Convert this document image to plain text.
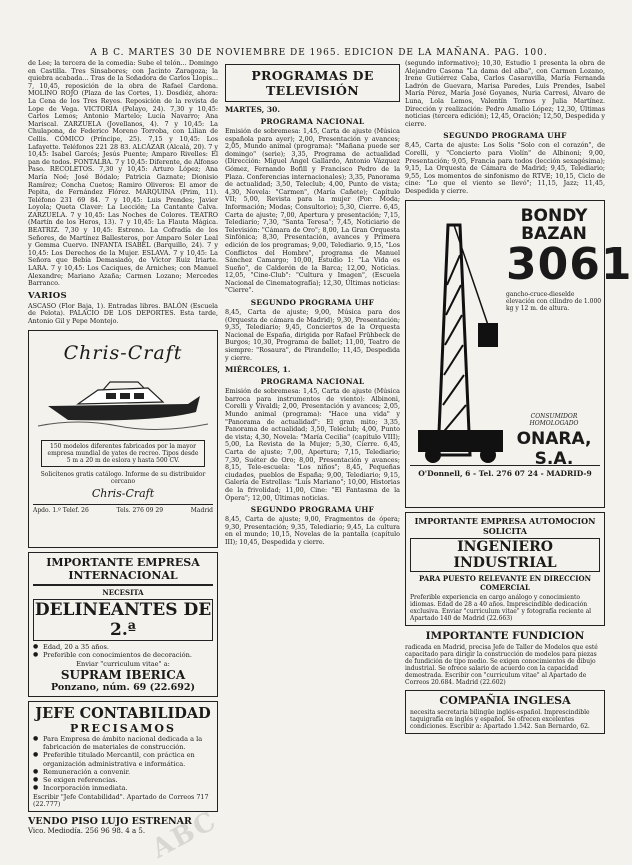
A B C. MARTES 30 DE NOVIEMBRE DE 1965. EDICION DE LA MAÑANA. PAG. 100.

de Lee; la tercera de la comedia: Sube el telón... Domingo en Castilla. Tres Sinsabores; con Jacinto Zaragoza; la quiebra acabada... Tras de la Soñadora de Carlos Llopis... 7, 10,45, reposición de la obra de Rafael Cardona. MOLINO ROJO (Plaza de las Cortes, 1). Dosdiéz, ahora: La Cena de los Tres Reyes. Reposición de la revista de Lope de Vega. VICTORIA (Pelayo, 24). 7,30 y 10,45: Carlos Lemos; Antonio Martelo; Lucía Navarro; Ana Mariscal. ZARZUELA (Jovellanos, 4). 7 y 10,45: La Chulapona, de Federico Moreno Torroba, con Lilian de Cellis. CÓMICO (Príncipe, 25). 7,15 y 10,45: Los Lafayette. Teléfonos 221 28 83. ALCÁZAR (Alcalá, 20). 7 y 10,45: Isabel Garcés; Jesús Puente; Amparo Rivelles: El pan de todos. FONTALBA. 7 y 10,45: Diferente, de Alfonso Paso. RECOLETOS. 7,30 y 10,45: Arturo López; Ana María Noé; José Bódalo; Patricia Gaznate; Dionisio Ramírez; Concha Cuetos; Ramiro Oliveros: El amor de Pepita, de Fernández Flórez. MARQUINA (Prim, 11). Teléfono 231 69 84. 7 y 10,45: Luis Prendes; Javier Loyola; Queta Claver: La Lección; La Cantante Calva. ZARZUELA. 7 y 10,45: Las Noches de Colores. TEATRO (Martín de los Heros, 13). 7 y 10,45: La Flauta Mágica. BEATRIZ. 7,30 y 10,45: Estreno. La Cofradía de los Señores, de Martínez Ballesteros, por Amparo Soler Leal y Gemma Cuervo. INFANTA ISABEL (Barquillo, 24). 7 y 10,45: Los Derechos de la Mujer. ESLAVA. 7 y 10,45: La Señora que Bebía Demasiado, de Víctor Ruiz Iriarte. LARA. 7 y 10,45: Los Caciques, de Arniches; con Manuel Alexandre; Mariano Azaña; Carmen Lozano; Mercedes Barranco.

VARIOS

ASCASO (Flor Baja, 1). Entradas libres. BALÓN (Escuela de Pelota). PALACIO DE LOS DEPORTES. Esta tarde, Antonio Gil y Pepe Montejo.

Chris-Craft
150 modelos diferentes fabricados por la mayor empresa mundial de yates de recreo. Tipos desde 5 m a 20 m de eslora y hasta 500 CV.
Solicítenos gratis catálogo. Informe de su distribuidor cercano
Chris-Craft
Apdo. 1.º Telef. 26	Tels. 276 09 29	Madrid
IMPORTANTE EMPRESA INTERNACIONAL
NECESITA
DELINEANTES DE 2.ª
● Edad, 20 a 35 años.
● Preferible con conocimientos de decoración.
Enviar "curriculum vitae" a:
SUPRAM IBERICA
Ponzano, núm. 69 (22.692)
JEFE CONTABILIDAD
PRECISAMOS
● Para Empresa de ámbito nacional dedicada a la fabricación de materiales de construcción.
● Preferible titulado Mercantil, con práctica en organización administrativa e informática.
● Remuneración a convenir.
● Se exigen referencias.
● Incorporación inmediata.
Escribir "Jefe Contabilidad". Apartado de Correos 717 (22.777)
VENDO PISO LUJO ESTRENAR
Vico. Mediodía. 256 96 98. 4 a 5.
PROGRAMAS DE TELEVISIÓN
MARTES, 30.
PROGRAMA NACIONAL

Emisión de sobremesa: 1,45, Carta de ajuste (Música española para ayer); 2,00, Presentación y avances; 2,05, Mundo animal (programa): "Mañana puede ser domingo" (serie); 3,35, Programa de actualidad (Dirección: Miguel Ángel Gallardo, Antonio Vázquez Gómez, Fernando Bofill y Francisco Pedro de la Plaza. Conferencias internacionales); 3,35, Panorama de actualidad; 3,50, Teleclub; 4,00, Punto de vista; 4,30, Novela: "Carmen", (María Cañete); Capítulo VII; 5,00, Revista para la mujer (Por: Moda; Información; Modas; Consultorio); 5,30, Cierre. 6,45, Carta de ajuste; 7,00, Apertura y presentación; 7,15, Telediario; 7,30, "Santa Teresa"; 7,45, Noticiario de Televisión: "Cámara de Oro"; 8,00, La Gran Orquesta Sinfónica; 8,30, Presentación, avances y Primera edición de los programas; 9,00, Telediario. 9,15, "Los Conflictos del Hombre", programa de Manuel Sánchez Camargo; 10,00, Estudio 1: "La Vida es Sueño", de Calderón de la Barca; 12,00, Noticias. 12,05, "Cine-Club": "Cultura y Imagen", (Escuela Nacional de Cinematografía); 12,30, Últimas noticias: "Cierre".

SEGUNDO PROGRAMA UHF

8,45, Carta de ajuste; 9,00, Música para dos (Orquesta de cámara de Madrid); 9,30, Presentación; 9,35, Telediario; 9,45, Conciertos de la Orquesta Nacional de España, dirigida por Rafael Frühbeck de Burgos; 10,30, Programa de ballet; 11,00, Teatro de siempre: "Rosaura", de Pirandello; 11,45, Despedida y cierre.

MIÉRCOLES, 1.
PROGRAMA NACIONAL

Emisión de sobremesa: 1,45, Carta de ajuste (Música barroca para instrumentos de viento): Albinoni, Corelli y Vivaldi; 2,00, Presentación y avances; 2,05, Mundo animal (programa): "Hace una vida" y "Panorama de actualidad": El gran mito; 3,35, Panorama de actualidad; 3,50, Teleclub; 4,00, Punto de vista; 4,30, Novela: "María Cecilia" (capítulo VIII); 5,00, La Revista de la Mujer; 5,30, Cierre. 6,45, Carta de ajuste; 7,00, Apertura; 7,15, Telediario; 7,30, Suéter de Oro; 8,00, Presentación y avances; 8,15, Tele-escuela: "Los niños"; 8,45, Pequeñas ciudades, pueblos de España; 9,00, Telediario; 9,15, Galería de Estrellas: "Luis Mariano"; 10,00, Historias de la frivolidad; 11,00, Cine: "El Fantasma de la Ópera"; 12,00, Últimas noticias.

SEGUNDO PROGRAMA UHF

8,45, Carta de ajuste; 9,00, Fragmentos de ópera; 9,30, Presentación; 9,35, Telediario; 9,45, La cultura en el mundo; 10,15, Novelas de la pantalla (capítulo III); 10,45, Despedida y cierre.

(segundo informativo); 10,30, Estudio 1 presenta la obra de Alejandro Casona "La dama del alba", con Carmen Lozano, Irene Gutiérrez Caba, Carlos Casaravilla, María Fernanda Ladrón de Guevara, Marisa Paredes, Luis Prendes, Isabel María Pérez, María José Goyanes, Nuria Carresi, Álvaro de Luna, Lola Lemos, Valentín Tornos y Julia Martínez. Dirección y realización: Pedro Amalio López; 12,30, Últimas noticias (tercera edición); 12,45, Oración; 12,50, Despedida y cierre.

SEGUNDO PROGRAMA UHF

8,45, Carta de ajuste: Los Solis "Solo con el corazón", de Corelli, y "Concierto para Violín" de Albinoni; 9,00, Presentación; 9,05, Francia para todos (lección sexagésima); 9,15, La Orquesta de Cámara de Madrid; 9,45, Telediario; 9,55, Los momentos de sinfonismo de RTVE; 10,15, Ciclo de cine: "Lo que el viento se llevó"; 11,15, Jazz; 11,45, Despedida y cierre.

BONDY BAZAN
3061
gancho-cruce-dieselde elevación con cilindro de 1.000 kg y 12 m. de altura.
CONSUMIDOR HOMOLOGADO
ONARA, S.A.
O'Donnell, 6 - Tel. 276 07 24 - MADRID-9
IMPORTANTE EMPRESA AUTOMOCION SOLICITA
INGENIERO INDUSTRIAL
PARA PUESTO RELEVANTE EN DIRECCION COMERCIAL
Preferible experiencia en cargo análogo y conocimiento idiomas. Edad de 28 a 40 años. Imprescindible dedicación exclusiva. Enviar "curriculum vitae" y fotografía reciente al Apartado 140 de Madrid (22.663)
IMPORTANTE FUNDICION
radicada en Madrid, precisa Jefe de Taller de Modelos que esté capacitado para dirigir la construcción de modelos para piezas de fundición de tipo medio. Se exigen conocimientos de dibujo industrial. Se ofrece salario de acuerdo con la capacidad demostrada. Escribir con "curriculum vitae" al Apartado de Correos 20.684. Madrid (22.602)
COMPAÑIA INGLESA
necesita secretaria bilingüe inglés-español. Imprescindible taquigrafía en inglés y español. Se ofrecen excelentes condiciones. Escribir a: Apartado 1.542. San Bernardo, 62.
ABC
